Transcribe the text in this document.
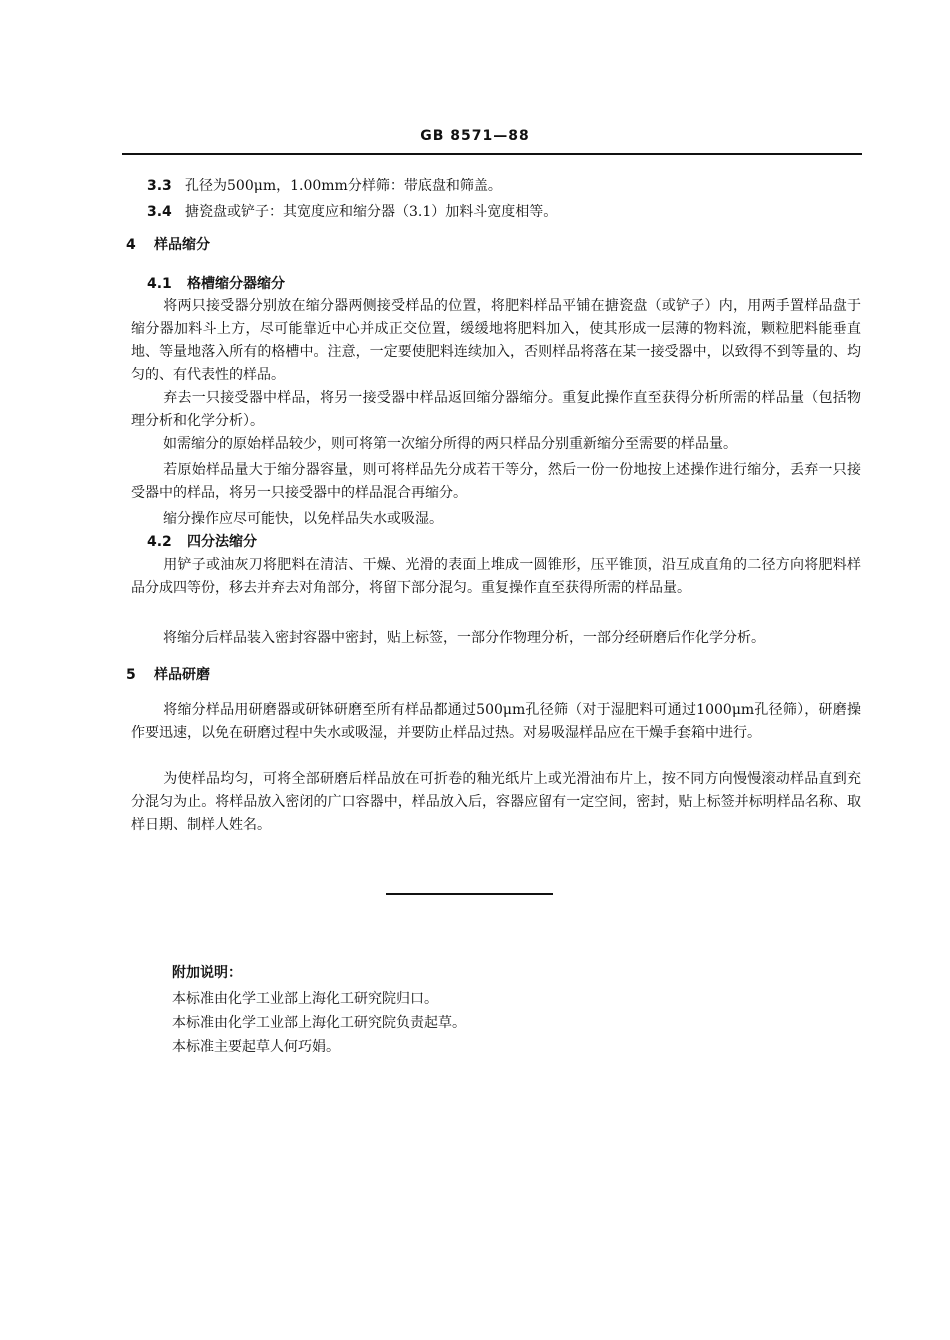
GB 8571—88
3.3 孔径为500μm，1.00mm分样筛：带底盘和筛盖。
3.4 搪瓷盘或铲子：其宽度应和缩分器（3.1）加料斗宽度相等。
4 样品缩分
4.1 格槽缩分器缩分
将两只接受器分别放在缩分器两侧接受样品的位置，将肥料样品平铺在搪瓷盘（或铲子）内，用两手置样品盘于缩分器加料斗上方，尽可能靠近中心并成正交位置，缓缓地将肥料加入，使其形成一层薄的物料流，颗粒肥料能垂直地、等量地落入所有的格槽中。注意，一定要使肥料连续加入，否则样品将落在某一接受器中，以致得不到等量的、均匀的、有代表性的样品。
弃去一只接受器中样品，将另一接受器中样品返回缩分器缩分。重复此操作直至获得分析所需的样品量（包括物理分析和化学分析）。
如需缩分的原始样品较少，则可将第一次缩分所得的两只样品分别重新缩分至需要的样品量。
若原始样品量大于缩分器容量，则可将样品先分成若干等分，然后一份一份地按上述操作进行缩分，丢弃一只接受器中的样品，将另一只接受器中的样品混合再缩分。
缩分操作应尽可能快，以免样品失水或吸湿。
4.2 四分法缩分
用铲子或油灰刀将肥料在清洁、干燥、光滑的表面上堆成一圆锥形，压平锥顶，沿互成直角的二径方向将肥料样品分成四等份，移去并弃去对角部分，将留下部分混匀。重复操作直至获得所需的样品量。
将缩分后样品装入密封容器中密封，贴上标签，一部分作物理分析，一部分经研磨后作化学分析。
5 样品研磨
将缩分样品用研磨器或研钵研磨至所有样品都通过500μm孔径筛（对于湿肥料可通过1000μm孔径筛），研磨操作要迅速，以免在研磨过程中失水或吸湿，并要防止样品过热。对易吸湿样品应在干燥手套箱中进行。
为使样品均匀，可将全部研磨后样品放在可折卷的釉光纸片上或光滑油布片上，按不同方向慢慢滚动样品直到充分混匀为止。将样品放入密闭的广口容器中，样品放入后，容器应留有一定空间，密封，贴上标签并标明样品名称、取样日期、制样人姓名。
附加说明：
本标准由化学工业部上海化工研究院归口。
本标准由化学工业部上海化工研究院负责起草。
本标准主要起草人何巧娟。
